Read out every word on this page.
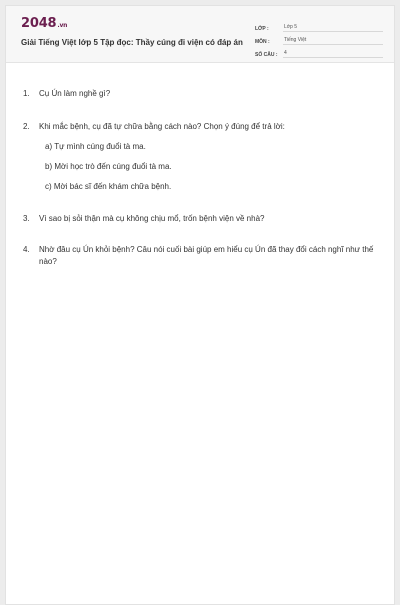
2048.vn
Giải Tiếng Việt lớp 5 Tập đọc: Thầy cúng đi viện có đáp án
LỚP :	Lớp 5
MÔN :	Tiếng Việt
SỐ CÂU :	4
1.	Cụ Ún làm nghề gì?
2.	Khi mắc bệnh, cụ đã tự chữa bằng cách nào? Chọn ý đúng để trả lời:
a) Tự mình cúng đuổi tà ma.
b) Mời học trò đến cúng đuổi tà ma.
c) Mời bác sĩ đến khám chữa bệnh.
3.	Vì sao bị sỏi thận mà cụ không chịu mổ, trốn bệnh viện về nhà?
4.	Nhờ đâu cụ Ún khỏi bệnh? Câu nói cuối bài giúp em hiểu cụ Ún đã thay đổi cách nghĩ như thế nào?
